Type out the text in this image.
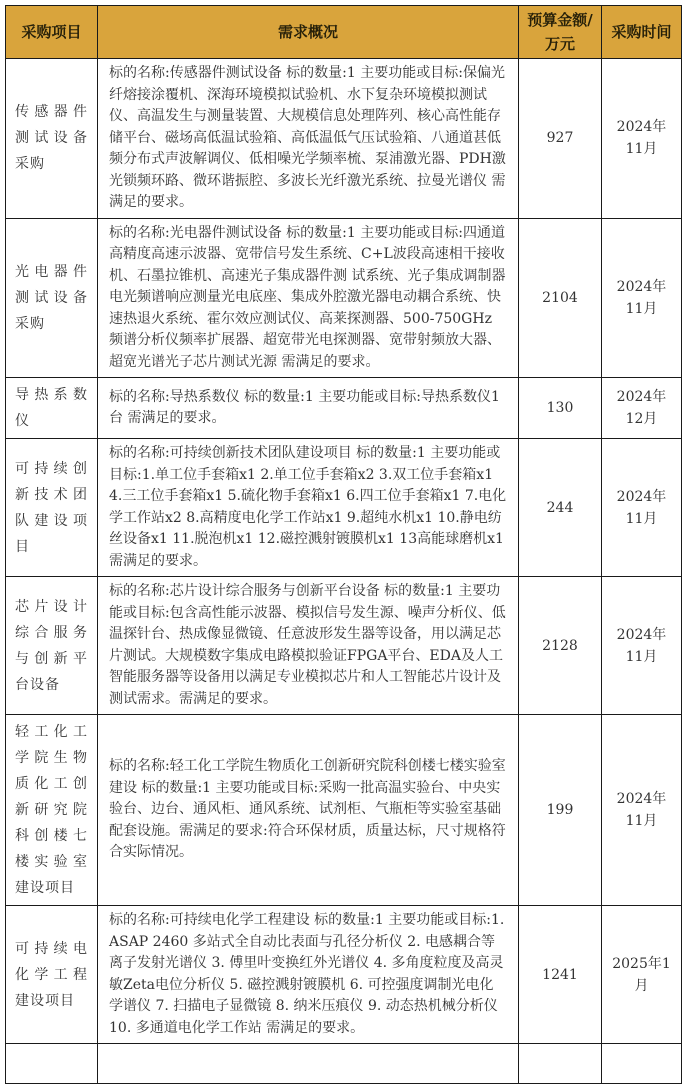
采购项目	需求概况	预算金额/万元	采购时间
传感器件测试设备采购	标的名称:传感器件测试设备 标的数量:1 主要功能或目标:保偏光纤熔接涂覆机、深海环境模拟试验机、水下复杂环境模拟测试仪、高温发生与测量装置、大规模信息处理阵列、核心高性能存储平台、磁场高低温试验箱、高低温低气压试验箱、八通道甚低频分布式声波解调仪、低相噪光学频率梳、泵浦激光器、PDH激光锁频环路、微环谐振腔、多波长光纤激光系统、拉曼光谱仪 需满足的要求。	927	2024年11月
光电器件测试设备采购	标的名称:光电器件测试设备 标的数量:1 主要功能或目标:四通道高精度高速示波器、宽带信号发生系统、C+L波段高速相干接收机、石墨拉锥机、高速光子集成器件测 试系统、光子集成调制器电光频谱响应测量光电底座、集成外腔激光器电动耦合系统、快速热退火系统、霍尔效应测试仪、高莱探测器、500-750GHz 频谱分析仪频率扩展器、超宽带光电探测器、宽带射频放大器、超宽光谱光子芯片测试光源 需满足的要求。	2104	2024年11月
导热系数仪	标的名称:导热系数仪 标的数量:1 主要功能或目标:导热系数仪1台 需满足的要求。	130	2024年12月
可持续创新技术团队建设项目	标的名称:可持续创新技术团队建设项目 标的数量:1 主要功能或目标:1.单工位手套箱x1 2.单工位手套箱x2 3.双工位手套箱x1 4.三工位手套箱x1 5.硫化物手套箱x1 6.四工位手套箱x1 7.电化学工作站x2 8.高精度电化学工作站x1 9.超纯水机x1 10.静电纺丝设备x1 11.脱泡机x1 12.磁控溅射镀膜机x1 13高能球磨机x1 需满足的要求。	244	2024年11月
芯片设计综合服务与创新平台设备	标的名称:芯片设计综合服务与创新平台设备 标的数量:1 主要功能或目标:包含高性能示波器、模拟信号发生源、噪声分析仪、低温探针台、热成像显微镜、任意波形发生器等设备，用以满足芯片测试。大规模数字集成电路模拟验证FPGA平台、EDA及人工智能服务器等设备用以满足专业模拟芯片和人工智能芯片设计及测试需求。需满足的要求。	2128	2024年11月
轻工化工学院生物质化工创新研究院科创楼七楼实验室建设项目	标的名称:轻工化工学院生物质化工创新研究院科创楼七楼实验室建设 标的数量:1 主要功能或目标:采购一批高温实验台、中央实验台、边台、通风柜、通风系统、试剂柜、气瓶柜等实验室基础配套设施。需满足的要求:符合环保材质，质量达标，尺寸规格符合实际情况。	199	2024年11月
可持续电化学工程建设项目	标的名称:可持续电化学工程建设 标的数量:1 主要功能或目标:1. ASAP 2460 多站式全自动比表面与孔径分析仪 2. 电感耦合等离子发射光谱仪 3. 傅里叶变换红外光谱仪 4. 多角度粒度及高灵敏Zeta电位分析仪 5. 磁控溅射镀膜机 6. 可控强度调制光电化学谱仪 7. 扫描电子显微镜 8. 纳米压痕仪 9. 动态热机械分析仪 10. 多通道电化学工作站 需满足的要求。	1241	2025年1月
